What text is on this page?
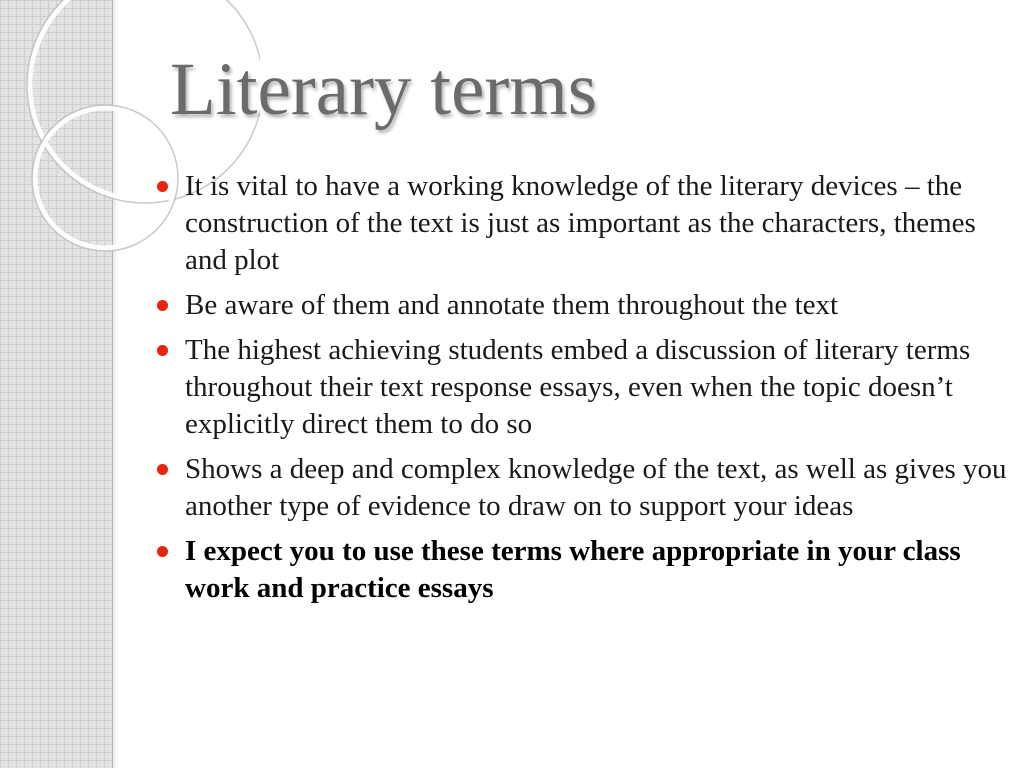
Literary terms
It is vital to have a working knowledge of the literary devices – the construction of the text is just as important as the characters, themes and plot
Be aware of them and annotate them throughout the text
The highest achieving students embed a discussion of literary terms throughout their text response essays, even when the topic doesn’t explicitly direct them to do so
Shows a deep and complex knowledge of the text, as well as gives you another type of evidence to draw on to support your ideas
I expect you to use these terms where appropriate in your class work and practice essays
